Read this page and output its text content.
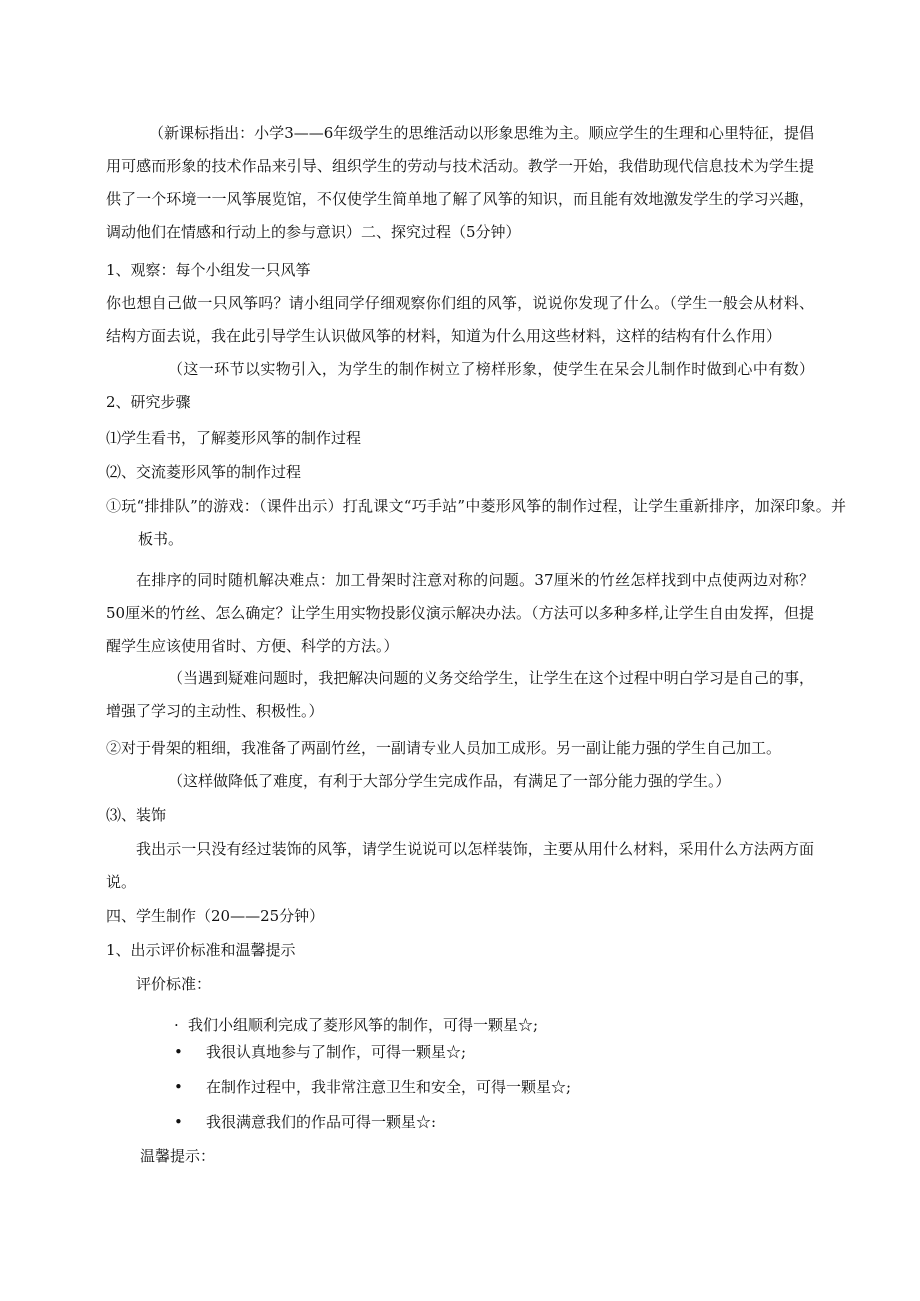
（新课标指出：小学3——6年级学生的思维活动以形象思维为主。顺应学生的生理和心里特征，提倡用可感而形象的技术作品来引导、组织学生的劳动与技术活动。教学一开始，我借助现代信息技术为学生提供了一个环境一一风筝展览馆，不仅使学生简单地了解了风筝的知识，而且能有效地激发学生的学习兴趣，调动他们在情感和行动上的参与意识）二、探究过程（5分钟）
1、观察：每个小组发一只风筝
你也想自己做一只风筝吗？请小组同学仔细观察你们组的风筝，说说你发现了什么。（学生一般会从材料、结构方面去说，我在此引导学生认识做风筝的材料，知道为什么用这些材料，这样的结构有什么作用）
（这一环节以实物引入，为学生的制作树立了榜样形象，使学生在呆会儿制作时做到心中有数）2、研究步骤
⑴学生看书，了解菱形风筝的制作过程
⑵、交流菱形风筝的制作过程
①玩“排排队”的游戏：（课件出示）打乱课文“巧手站”中菱形风筝的制作过程，让学生重新排序，加深印象。并板书。
在排序的同时随机解决难点：加工骨架时注意对称的问题。37厘米的竹丝怎样找到中点使两边对称？50厘米的竹丝、怎么确定？让学生用实物投影仪演示解决办法。（方法可以多种多样,让学生自由发挥，但提醒学生应该使用省时、方便、科学的方法。）
（当遇到疑难问题时，我把解决问题的义务交给学生，让学生在这个过程中明白学习是自己的事，增强了学习的主动性、积极性。）
②对于骨架的粗细，我准备了两副竹丝，一副请专业人员加工成形。另一副让能力强的学生自己加工。
（这样做降低了难度，有利于大部分学生完成作品，有满足了一部分能力强的学生。）
⑶、装饰
我出示一只没有经过装饰的风筝，请学生说说可以怎样装饰，主要从用什么材料，采用什么方法两方面说。
四、学生制作（20——25分钟）
1、出示评价标准和温馨提示
评价标准：
· 我们小组顺利完成了菱形风筝的制作，可得一颗星☆;
• 我很认真地参与了制作，可得一颗星☆;
• 在制作过程中，我非常注意卫生和安全，可得一颗星☆;
• 我很满意我们的作品可得一颗星☆:
温馨提示：
